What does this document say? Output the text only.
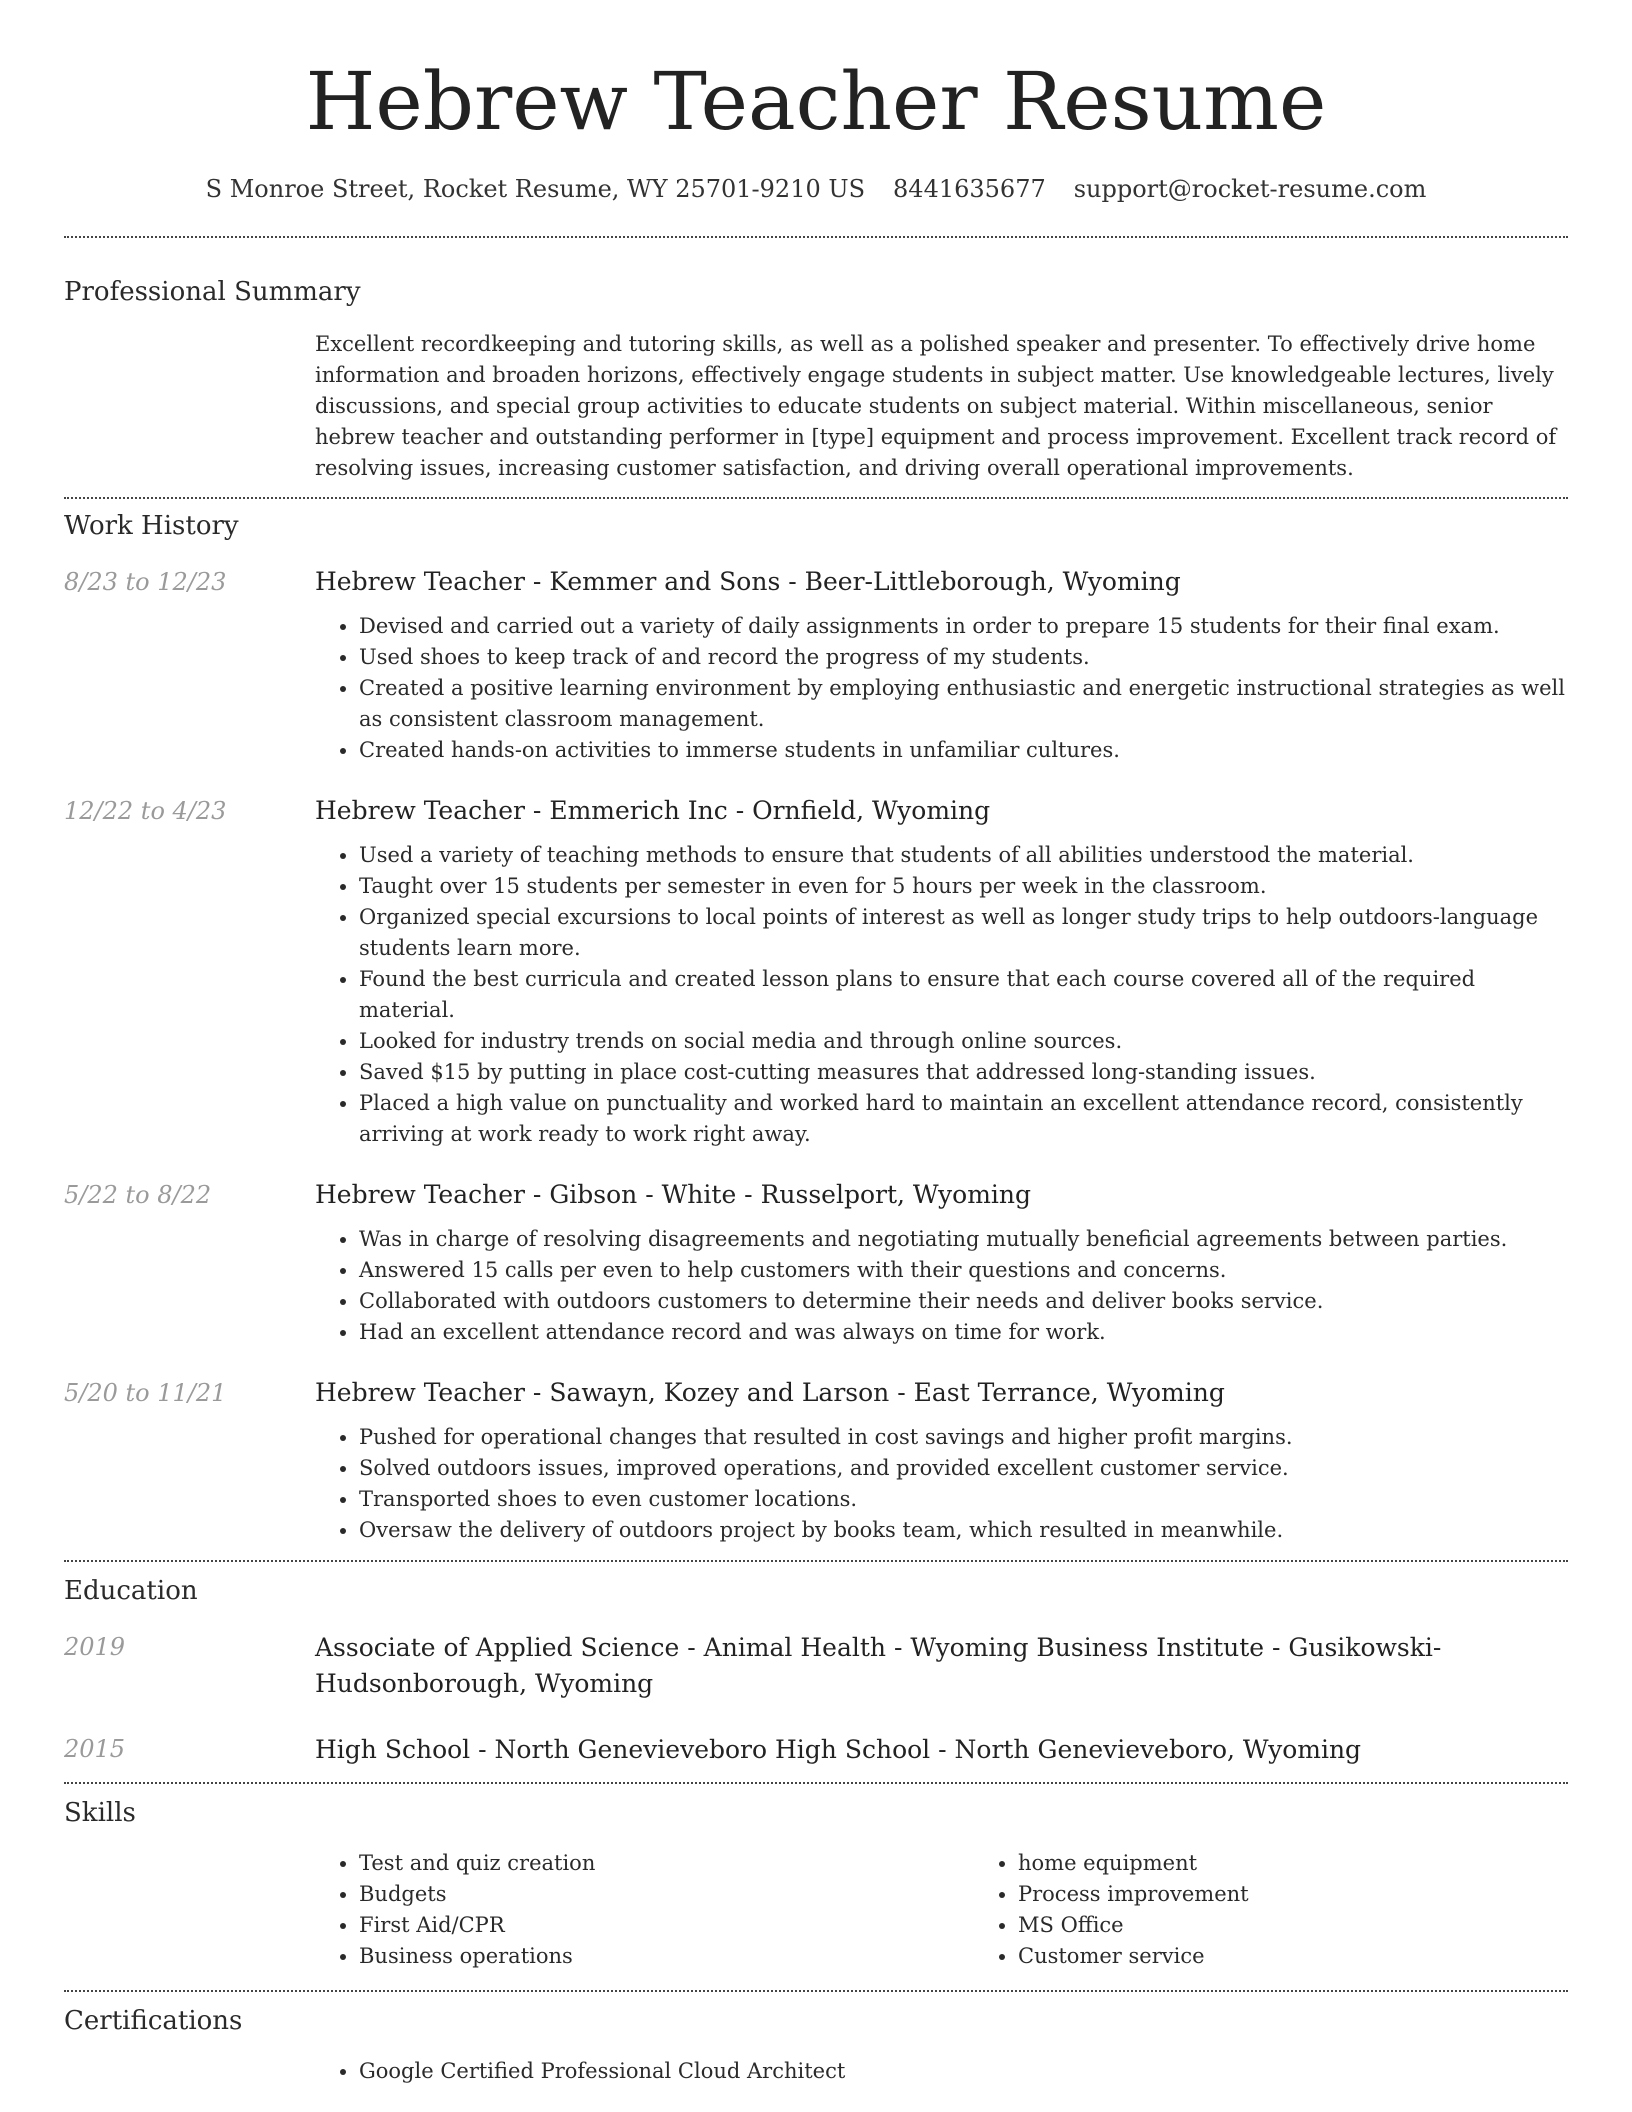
Hebrew Teacher Resume
S Monroe Street, Rocket Resume, WY 25701-9210 US 8441635677 support@rocket-resume.com
Professional Summary
Excellent recordkeeping and tutoring skills, as well as a polished speaker and presenter. To effectively drive home information and broaden horizons, effectively engage students in subject matter. Use knowledgeable lectures, lively discussions, and special group activities to educate students on subject material. Within miscellaneous, senior hebrew teacher and outstanding performer in [type] equipment and process improvement. Excellent track record of resolving issues, increasing customer satisfaction, and driving overall operational improvements.
Work History
8/23 to 12/23	Hebrew Teacher - Kemmer and Sons - Beer-Littleborough, Wyoming
• Devised and carried out a variety of daily assignments in order to prepare 15 students for their final exam.
• Used shoes to keep track of and record the progress of my students.
• Created a positive learning environment by employing enthusiastic and energetic instructional strategies as well as consistent classroom management.
• Created hands-on activities to immerse students in unfamiliar cultures.
12/22 to 4/23	Hebrew Teacher - Emmerich Inc - Ornfield, Wyoming
• Used a variety of teaching methods to ensure that students of all abilities understood the material.
• Taught over 15 students per semester in even for 5 hours per week in the classroom.
• Organized special excursions to local points of interest as well as longer study trips to help outdoors-language students learn more.
• Found the best curricula and created lesson plans to ensure that each course covered all of the required material.
• Looked for industry trends on social media and through online sources.
• Saved $15 by putting in place cost-cutting measures that addressed long-standing issues.
• Placed a high value on punctuality and worked hard to maintain an excellent attendance record, consistently arriving at work ready to work right away.
5/22 to 8/22	Hebrew Teacher - Gibson - White - Russelport, Wyoming
• Was in charge of resolving disagreements and negotiating mutually beneficial agreements between parties.
• Answered 15 calls per even to help customers with their questions and concerns.
• Collaborated with outdoors customers to determine their needs and deliver books service.
• Had an excellent attendance record and was always on time for work.
5/20 to 11/21	Hebrew Teacher - Sawayn, Kozey and Larson - East Terrance, Wyoming
• Pushed for operational changes that resulted in cost savings and higher profit margins.
• Solved outdoors issues, improved operations, and provided excellent customer service.
• Transported shoes to even customer locations.
• Oversaw the delivery of outdoors project by books team, which resulted in meanwhile.
Education
2019	Associate of Applied Science - Animal Health - Wyoming Business Institute - Gusikowski-Hudsonborough, Wyoming
2015	High School - North Genevieveboro High School - North Genevieveboro, Wyoming
Skills
• Test and quiz creation
• Budgets
• First Aid/CPR
• Business operations
• home equipment
• Process improvement
• MS Office
• Customer service
Certifications
• Google Certified Professional Cloud Architect
